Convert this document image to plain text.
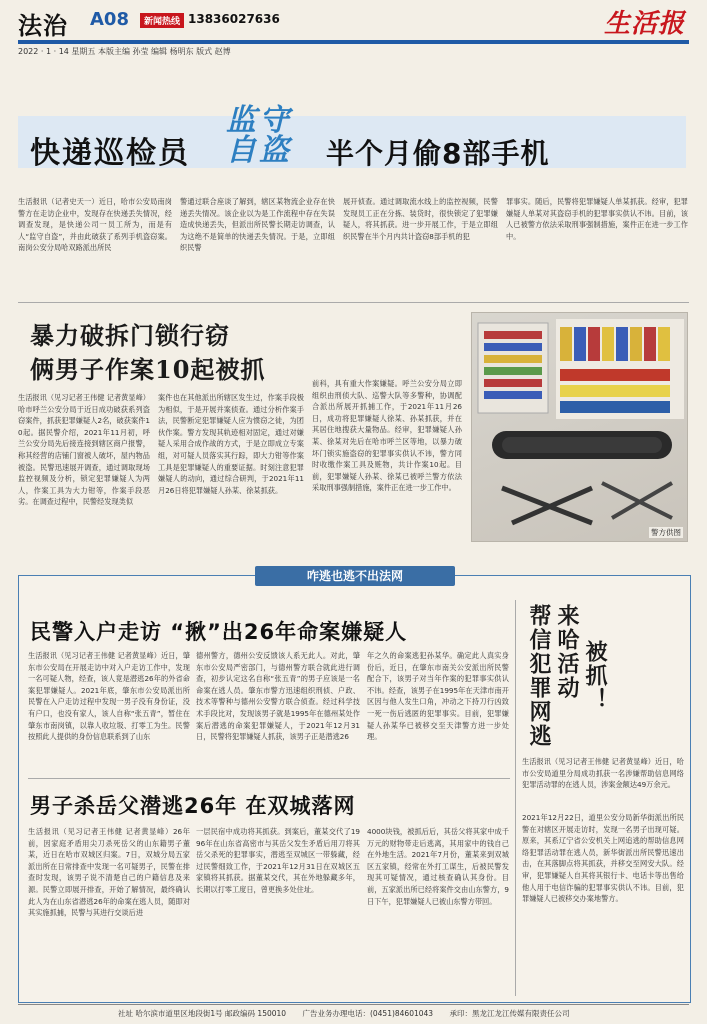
法治 A08	新闻热线 13836027636	生活报
2022 · 1 · 14 星期五 本版主编 孙莹 编辑 杨明东 版式 赵博
快递巡检员
监守自盗	半个月偷8部手机
生活报讯（记者史天一）近日，哈市公安局南岗警方在走访企业中，发现存在快递丢失情况，经调查发现，是快递公司一员工所为，而是有人“监守自盗”，并由此破获了系列手机盗窃案。南岗公安分局哈双路派出所民
警通过联合座谈了解到，辖区某物流企业存在快递丢失情况。该企业以为是工作流程中存在失误造成快递丢失，但派出所民警长期走访调查，认为这绝不是简单的快递丢失情况。于是，立即组织民警
展开侦查。通过调取流水线上的监控视频，民警发现员工正在分拣、装货时，很快锁定了犯罪嫌疑人，将其抓获。进一步开展工作，于是立即组织民警在半个月内共计盗窃8部手机的犯
罪事实。随后，民警将犯罪嫌疑人单某抓获。经审，犯罪嫌疑人单某对其盗窃手机的犯罪事实供认不讳。目前，该人已被警方依法采取刑事强制措施，案件正在进一步工作中。
暴力破拆门锁行窃
俩男子作案10起被抓
生活报讯（见习记者王伟健 记者黄显峰）哈市呼兰公安分局于近日成功破获系列盗窃案件，抓获犯罪嫌疑人2名，破获案件10起。据民警介绍，2021年11月初，呼兰公安分局先后接连接到辖区商户报警，称其经营的店铺门窗被人破坏，屋内物品被盗。民警迅速展开调查，通过调取现场监控视频及分析，锁定犯罪嫌疑人为两人，作案工具为大力钳等，作案手段恶劣。在调查过程中，民警经发现类似
案件也在其他派出所辖区发生过，作案手段极为相似，于是开展并案侦查。通过分析作案手法，民警断定犯罪嫌疑人应为惯窃之徒，为团伙作案。警方发现其轨迹相对固定，通过对嫌疑人采用合成作战的方式，于是立即成立专案组，对可疑人员落实其行踪，即大力钳等作案工具是犯罪嫌疑人的重要证据。时刻注意犯罪嫌疑人的动向，通过综合研判，于2021年11月26日将犯罪嫌疑人孙某、徐某抓获。
前科，具有重大作案嫌疑。呼兰公安分局立即组织由刑侦大队、巡警大队等多警种，协调配合派出所展开抓捕工作，于2021年11月26日，成功将犯罪嫌疑人徐某、孙某抓获，并在其居住地搜获大量物品。经审，犯罪嫌疑人孙某、徐某对先后在哈市呼兰区等地，以暴力破坏门锁实施盗窃的犯罪事实供认不讳，警方同时收缴作案工具及赃物，共计作案10起。目前，犯罪嫌疑人孙某、徐某已被呼兰警方依法采取刑事强制措施，案件正在进一步工作中。
警方供图
咋逃也逃不出法网
民警入户走访 “揪”出26年命案嫌疑人
生活报讯（见习记者王伟健 记者黄显峰）近日，肇东市公安局在开展走访中对入户走访工作中，发现一名可疑人物，经查，该人竟是潜逃26年的外省命案犯罪嫌疑人。2021年底，肇东市公安局派出所民警在入户走访过程中发现一男子没有身份证，没有户口，也没有家人，该人自称“张五青”，暂住在肇东市南岗镇，以靠人收垃圾、打零工为生。民警按照此人提供的身份信息联系到了山东
德州警方，德州公安反馈该人系无此人。对此，肇东市公安局严密部门，与德州警方联合就此进行调查，初步认定这名自称“张五青”的男子应该是一名命案在逃人员。肇东市警方迅速组织刑侦、户政、技术等警种与德州公安警方联合侦查。经过科学技术手段比对，发现该男子就是1995年在德州某处作案后潜逃的命案犯罪嫌疑人，于2021年12月31日，民警将犯罪嫌疑人抓获，该男子正是潜逃26
年之久的命案逃犯孙某华。确定此人真实身份后，近日，在肇东市南关公安派出所民警配合下，该男子对当年作案的犯罪事实供认不讳。经查，该男子在1995年在天津市南开区因与他人发生口角，冲动之下持刀行凶致一死一伤后逃匿的犯罪事实。目前，犯罪嫌疑人孙某华已被移交至天津警方进一步处理。
男子杀岳父潜逃26年 在双城落网
生活报讯（见习记者王伟健 记者黄显峰）26年前，因家庭矛盾用尖刀杀死岳父的山东籍男子董某，近日在哈市双城区归案。7日，双城分局五家派出所在日常排查中发现一名可疑男子，民警在排查时发现，该男子说不清楚自己的户籍信息及来源。民警立即展开排查，开始了解情况，最终确认此人为在山东省潜逃26年的命案在逃人员，随即对其实施抓捕，民警与其进行交谈后进
一层民宿中成功将其抓获。到案后，董某交代了1996年在山东省高密市与其岳父发生矛盾后用刀将其岳父杀死的犯罪事实，潜逃至双城区一带躲藏，经过民警细致工作，于2021年12月31日在双城区五家镇将其抓获。据董某交代，其在外地躲藏多年，长期以打零工度日，曾更换多处住址。
4000块钱，被抓后后，其岳父将其家中成千万元的财物带走后逃离，其用家中的钱自己在外地生活。2021年7月份，董某来到双城区五家镇，经常在外打工谋生，后被民警发现其可疑情况，通过核查确认其身份。目前，五家派出所已经将案件交由山东警方，9日下午，犯罪嫌疑人已被山东警方带回。
帮信犯罪网逃 来哈活动 被抓！
生活报讯（见习记者王伟健 记者黄显峰）近日，哈市公安局道里分局成功抓获一名涉嫌帮助信息网络犯罪活动罪的在逃人员，涉案金额达49万余元。
2021年12月22日，道里公安分局新华街派出所民警在对辖区开展走访时，发现一名男子出现可疑。原来，其系辽宁省公安机关上网追逃的帮助信息网络犯罪活动罪在逃人员，新华街派出所民警迅速出击，在其落脚点将其抓获，并移交至网安大队。经审，犯罪嫌疑人自其将其银行卡、电话卡等出售给他人用于电信诈骗的犯罪事实供认不讳。目前，犯罪嫌疑人已被移交办案地警方。
社址 哈尔滨市道里区地段街1号 邮政编码 150010 广告业务办理电话：(0451)84601043 承印：黑龙江龙江传媒有限责任公司
